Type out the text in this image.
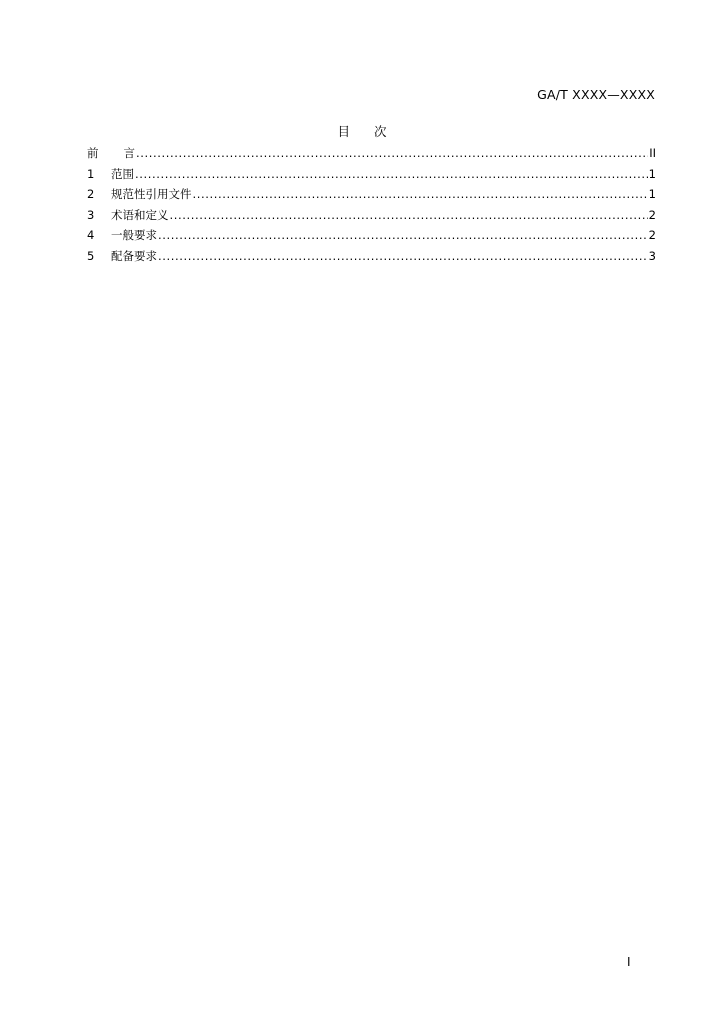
GA/T XXXX—XXXX
目次
前言 .....	II
1	范围 .....	1
2	规范性引用文件 .....	1
3	术语和定义 .....	2
4	一般要求 .....	2
5	配备要求 .....	3
I
